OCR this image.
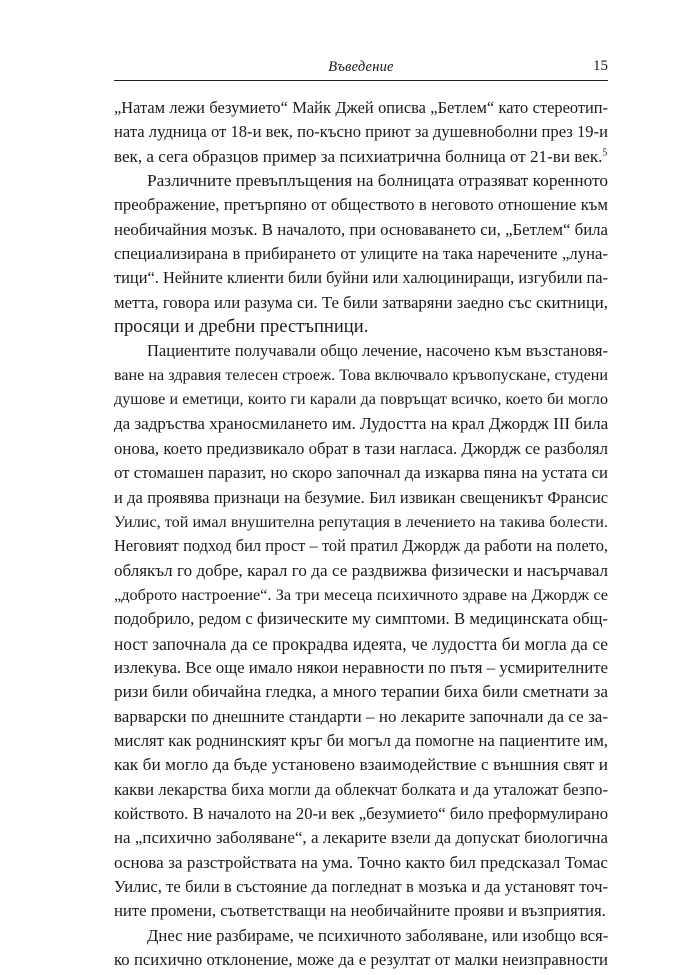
Въведение	15
„Натам лежи безумието“ Майк Джей описва „Бетлем“ като стереотип-
ната лудница от 18-и век, по-късно приют за душевноболни през 19-и
век, а сега образцов пример за психиатрична болница от 21-ви век.$^5$
Различните превъплъщения на болницата отразяват коренното
преображение, претърпяно от обществото в неговото отношение към
необичайния мозък. В началото, при основаването си, „Бетлем“ била
специализирана в прибирането от улиците на така наречените „луна-
тици“. Нейните клиенти били буйни или халюциниращи, изгубили па-
метта, говора или разума си. Те били затваряни заедно със скитници,
просяци и дребни престъпници.
Пациентите получавали общо лечение, насочено към възстановя-
ване на здравия телесен строеж. Това включвало кръвопускане, студени
душове и еметици, които ги карали да повръщат всичко, което би могло
да задръства храносмилането им. Лудостта на крал Джордж III била
онова, което предизвикало обрат в тази нагласа. Джордж се разболял
от стомашен паразит, но скоро започнал да изкарва пяна на устата си
и да проявява признаци на безумие. Бил извикан свещеникът Франсис
Уилис, той имал внушителна репутация в лечението на такива болести.
Неговият подход бил прост – той пратил Джордж да работи на полето,
облякъл го добре, карал го да се раздвижва физически и насърчавал
„доброто настроение“. За три месеца психичното здраве на Джордж се
подобрило, редом с физическите му симптоми. В медицинската общ-
ност започнала да се прокрадва идеята, че лудостта би могла да се
излекува. Все още имало някои неравности по пътя – усмирителните
ризи били обичайна гледка, а много терапии биха били сметнати за
варварски по днешните стандарти – но лекарите започнали да се за-
мислят как роднинският кръг би могъл да помогне на пациентите им,
как би могло да бъде установено взаимодействие с външния свят и
какви лекарства биха могли да облекчат болката и да уталожат безпо-
койството. В началото на 20-и век „безумието“ било преформулирано
на „психично заболяване“, а лекарите взели да допускат биологична
основа за разстройствата на ума. Точно както бил предсказал Томас
Уилис, те били в състояние да погледнат в мозъка и да установят точ-
ните промени, съответстващи на необичайните прояви и възприятия.
Днес ние разбираме, че психичното заболяване, или изобщо вся-
ко психично отклонение, може да е резултат от малки неизправности
